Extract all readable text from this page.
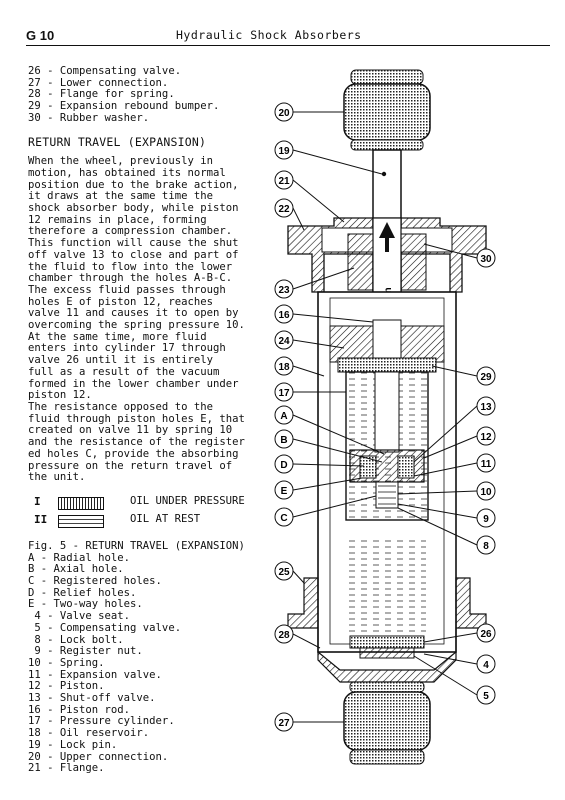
G 10	Hydraulic Shock Absorbers
26 - Compensating valve.
27 - Lower connection.
28 - Flange for spring.
29 - Expansion rebound bumper.
30 - Rubber washer.
RETURN TRAVEL (EXPANSION)
When the wheel, previously in
motion, has obtained its normal
position due to the brake action,
it draws at the same time the
shock absorber body, while piston
12 remains in place, forming
therefore a compression chamber.
This function will cause the shut
off valve 13 to close and part of
the fluid to flow into the lower
chamber through the holes A-B-C.
The excess fluid passes through
holes E of piston 12, reaches
valve 11 and causes it to open by
overcoming the spring pressure 10.
At the same time, more fluid
enters into cylinder 17 through
valve 26 until it is entirely
full as a result of the vacuum
formed in the lower chamber under
piston 12.
The resistance opposed to the
fluid through piston holes E, that
created on valve 11 by spring 10
and the resistance of the register
ed holes C, provide the absorbing
pressure on the return travel of
the unit.
I	OIL UNDER PRESSURE
II	OIL AT REST
Fig. 5 - RETURN TRAVEL (EXPANSION)
A - Radial hole.
B - Axial hole.
C - Registered holes.
D - Relief holes.
E - Two-way holes.
4 - Valve seat.
5 - Compensating valve.
8 - Lock bolt.
9 - Register nut.
10 - Spring.
11 - Expansion valve.
12 - Piston.
13 - Shut-off valve.
16 - Piston rod.
17 - Pressure cylinder.
18 - Oil reservoir.
19 - Lock pin.
20 - Upper connection.
21 - Flange.
20
19
21
22
23
16
24
18
17
A
B
D
E
C
25
28
27
30
29
13
12
11
10
9
8
26
4
5
